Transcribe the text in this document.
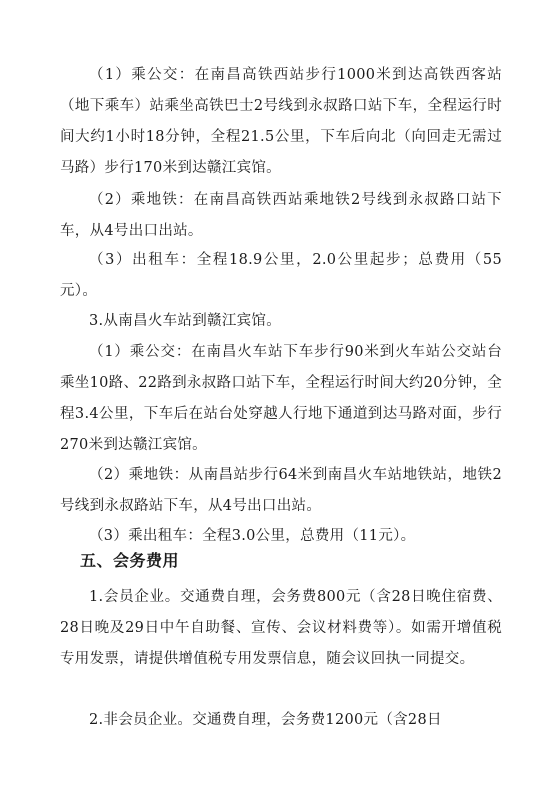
（1）乘公交：在南昌高铁西站步行1000米到达高铁西客站（地下乘车）站乘坐高铁巴士2号线到永叔路口站下车，全程运行时间大约1小时18分钟，全程21.5公里，下车后向北（向回走无需过马路）步行170米到达赣江宾馆。

（2）乘地铁：在南昌高铁西站乘地铁2号线到永叔路口站下车，从4号出口出站。

（3）出租车：全程18.9公里，2.0公里起步；总费用（55元）。

3.从南昌火车站到赣江宾馆。

（1）乘公交：在南昌火车站下车步行90米到火车站公交站台乘坐10路、22路到永叔路口站下车，全程运行时间大约20分钟，全程3.4公里，下车后在站台处穿越人行地下通道到达马路对面，步行270米到达赣江宾馆。

（2）乘地铁：从南昌站步行64米到南昌火车站地铁站，地铁2号线到永叔路站下车，从4号出口出站。

（3）乘出租车：全程3.0公里，总费用（11元）。

五、会务费用

1.会员企业。交通费自理，会务费800元（含28日晚住宿费、28日晚及29日中午自助餐、宣传、会议材料费等）。如需开增值税专用发票，请提供增值税专用发票信息，随会议回执一同提交。

2.非会员企业。交通费自理，会务费1200元（含28日
